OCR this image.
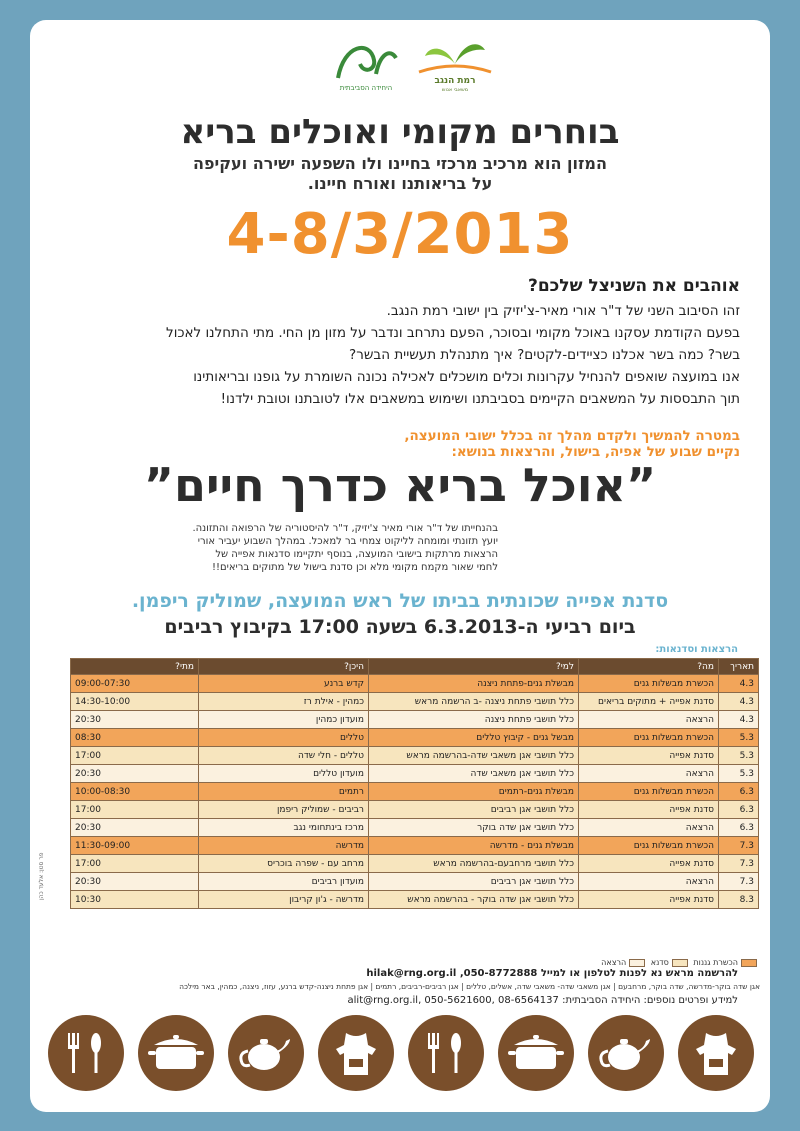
היחידה הסביבתית
רמת הנגב
משאבי אנוש
בוחרים מקומי ואוכלים בריא
המזון הוא מרכיב מרכזי בחיינו ולו השפעה ישירה ועקיפה
על בריאותנו ואורח חיינו.
4-8/3/2013
אוהבים את השניצל שלכם?
זהו הסיבוב השני של ד"ר אורי מאיר-צ'יזיק בין ישובי רמת הנגב.
בפעם הקודמת עסקנו באוכל מקומי ובסוכר, הפעם נתרחב ונדבר על מזון מן החי. מתי התחלנו לאכול
בשר? כמה בשר אכלנו כציידים-לקטים? איך מתנהלת תעשיית הבשר?
אנו במועצה שואפים להנחיל עקרונות וכלים מושכלים לאכילה נכונה השומרת על גופנו ובריאותינו
תוך התבססות על המשאבים הקיימים בסביבתנו ושימוש במשאבים אלו לטובתנו וטובת ילדנו!
במטרה להמשיך ולקדם מהלך זה בכלל ישובי המועצה,
נקיים שבוע של אפיה, בישול, והרצאות בנושא:
”אוכל בריא כדרך חיים”
בהנחייתו של ד"ר אורי מאיר צ'יזיק, ד"ר להיסטוריה של הרפואה והתזונה.
יועץ תזונתי ומומחה לליקוט צמחי בר למאכל. במהלך השבוע יעביר אורי
הרצאות מרתקות בישובי המועצה, בנוסף יתקיימו סדנאות אפייה של
לחמי שאור מקמח מקומי מלא וכן סדנת בישול של מתוקים בריאים!!
סדנת אפייה שכונתית בביתו של ראש המועצה, שמוליק ריפמן.
ביום רביעי ה-6.3.2013 בשעה 17:00 בקיבוץ רביבים
הרצאות וסדנאות:
תאריך	מה?	למי?	היכן?	מתי?
4.3	הכשרת מבשלות גנים	מבשלת גנים-פתחת ניצנה	קדש ברנע	09:00-07:30
4.3	סדנת אפייה + מתוקים בריאים	כלל תושבי פתחת ניצנה -ב הרשמה מראש	כמהין - אילת רז	14:30-10:00
4.3	הרצאה	כלל תושבי פתחת ניצנה	מועדון כמהין	20:30
5.3	הכשרת מבשלות גנים	מבשל גנים - קיבוץ טללים	טללים	08:30
5.3	סדנת אפייה	כלל תושבי אגן משאבי שדה-בהרשמה מראש	טללים - חלי שדה	17:00
5.3	הרצאה	כלל תושבי אגן משאבי שדה	מועדון טללים	20:30
6.3	הכשרת מבשלות גנים	מבשלת גנים-רתמים	רתמים	10:00-08:30
6.3	סדנת אפייה	כלל תושבי אגן רביבים	רביבים - שמוליק ריפמן	17:00
6.3	הרצאה	כלל תושבי אגן שדה בוקר	מרכז בינתחומי נגב	20:30
7.3	הכשרת מבשלות גנים	מבשלת גנים - מדרשה	מדרשה	11:30-09:00
7.3	סדנת אפייה	כלל תושבי מרחבעם-בהרשמה מראש	מרחב עם - שפרה בוכריס	17:00
7.3	הרצאה	כלל תושבי אגן רביבים	מועדון רביבים	20:30
8.3	סדנת אפייה	כלל תושבי אגן שדה בוקר - בהרשמה מראש	מדרשה - ג'ון קריבון	10:30
הכשרת גננות סדנא הרצאה
להרשמה מראש נא לפנות לטלפון או למייל hilak@rng.org.il ,050-8772888
אגן שדה בוקר-מדרשה, שדה בוקר, מרחבעם | אגן משאבי שדה- משאבי שדה, אשלים, טללים | אגן רביבים-רביבים, רתמים | אגן פתחת ניצנה-קדש ברנע, עזוז, ניצנה, כמהין, באר מילכה
למידע ופרטים נוספים: היחידה הסביבתית: 08-6564137 ,050-5621600 ,alit@rng.org.il
פר סטן: אלעד כהן
